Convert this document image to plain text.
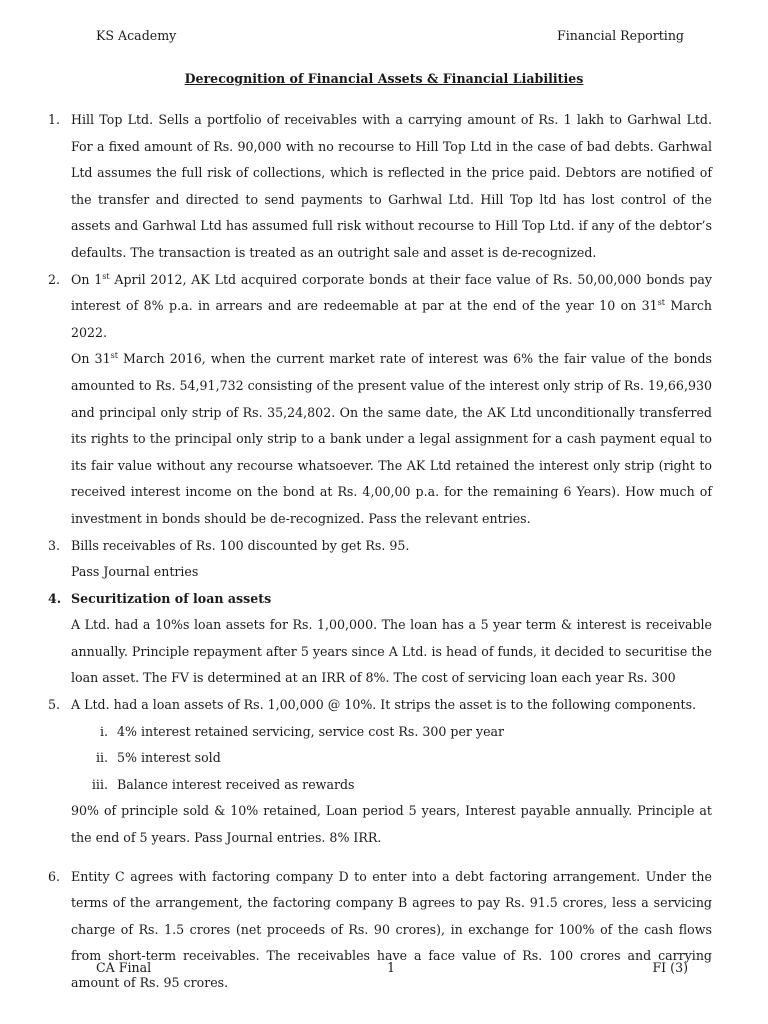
KS Academy	Financial Reporting
Derecognition of Financial Assets & Financial Liabilities
1. Hill Top Ltd. Sells a portfolio of receivables with a carrying amount of Rs. 1 lakh to Garhwal Ltd. For a fixed amount of Rs. 90,000 with no recourse to Hill Top Ltd in the case of bad debts. Garhwal Ltd assumes the full risk of collections, which is reflected in the price paid. Debtors are notified of the transfer and directed to send payments to Garhwal Ltd. Hill Top ltd has lost control of the assets and Garhwal Ltd has assumed full risk without recourse to Hill Top Ltd. if any of the debtor’s defaults. The transaction is treated as an outright sale and asset is de-recognized.

2. On 1st April 2012, AK Ltd acquired corporate bonds at their face value of Rs. 50,00,000 bonds pay interest of 8% p.a. in arrears and are redeemable at par at the end of the year 10 on 31st March 2022.

On 31st March 2016, when the current market rate of interest was 6% the fair value of the bonds amounted to Rs. 54,91,732 consisting of the present value of the interest only strip of Rs. 19,66,930 and principal only strip of Rs. 35,24,802. On the same date, the AK Ltd unconditionally transferred its rights to the principal only strip to a bank under a legal assignment for a cash payment equal to its fair value without any recourse whatsoever. The AK Ltd retained the interest only strip (right to received interest income on the bond at Rs. 4,00,00 p.a. for the remaining 6 Years). How much of investment in bonds should be de-recognized. Pass the relevant entries.

3. Bills receivables of Rs. 100 discounted by get Rs. 95.

Pass Journal entries

4. Securitization of loan assets

A Ltd. had a 10%s loan assets for Rs. 1,00,000. The loan has a 5 year term & interest is receivable annually. Principle repayment after 5 years since A Ltd. is head of funds, it decided to securitise the loan asset. The FV is determined at an IRR of 8%. The cost of servicing loan each year Rs. 300

5. A Ltd. had a loan assets of Rs. 1,00,000 @ 10%. It strips the asset is to the following components.

i. 4% interest retained servicing, service cost Rs. 300 per year
ii. 5% interest sold
iii. Balance interest received as rewards

90% of principle sold & 10% retained, Loan period 5 years, Interest payable annually. Principle at the end of 5 years. Pass Journal entries. 8% IRR.

6. Entity C agrees with factoring company D to enter into a debt factoring arrangement. Under the terms of the arrangement, the factoring company B agrees to pay Rs. 91.5 crores, less a servicing charge of Rs. 1.5 crores (net proceeds of Rs. 90 crores), in exchange for 100% of the cash flows from short-term receivables. The receivables have a face value of Rs. 100 crores and carrying amount of Rs. 95 crores.

CA Final	1	FI (3)
